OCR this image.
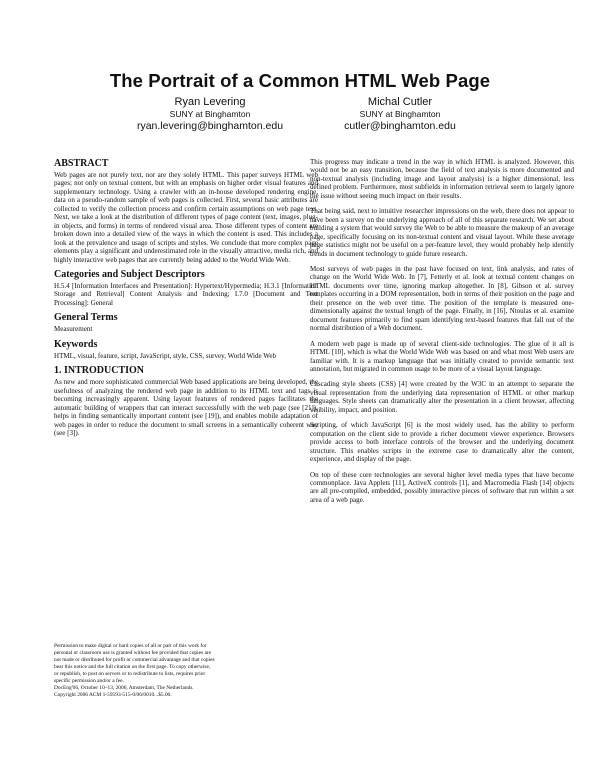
The Portrait of a Common HTML Web Page
Ryan Levering
SUNY at Binghamton
ryan.levering@binghamton.edu
Michal Cutler
SUNY at Binghamton
cutler@binghamton.edu
ABSTRACT

Web pages are not purely text, nor are they solely HTML. This paper surveys HTML web pages; not only on textual content, but with an emphasis on higher order visual features and supplementary technology. Using a crawler with an in-house developed rendering engine, data on a pseudo-random sample of web pages is collected. First, several basic attributes are collected to verify the collection process and confirm certain assumptions on web page text. Next, we take a look at the distribution of different types of page content (text, images, plug-in objects, and forms) in terms of rendered visual area. Those different types of content are broken down into a detailed view of the ways in which the content is used. This includes a look at the prevalence and usage of scripts and styles. We conclude that more complex page elements play a significant and underestimated role in the visually attractive, media rich, and highly interactive web pages that are currently being added to the World Wide Web.

Categories and Subject Descriptors

H.5.4 [Information Interfaces and Presentation]: Hypertext/Hypermedia; H.3.1 [Information Storage and Retrieval] Content Analysis and Indexing; I.7.0 [Document and Text Processing]: General

General Terms

Measurement

Keywords

HTML, visual, feature, script, JavaScript, style, CSS, survey, World Wide Web

1. INTRODUCTION

As new and more sophisticated commercial Web based applications are being developed, the usefulness of analyzing the rendered web page in addition to its HTML text and tags is becoming increasingly apparent. Using layout features of rendered pages facilitates the automatic building of wrappers that can interact successfully with the web page (see [21]), helps in finding semantically important content (see [19]), and enables mobile adaptation of web pages in order to reduce the document to small screens in a semantically coherent way (see [3]).

Permission to make digital or hard copies of all or part of this work for
personal or classroom use is granted without fee provided that copies are
not made or distributed for profit or commercial advantage and that copies
bear this notice and the full citation on the first page. To copy otherwise,
or republish, to post on servers or to redistribute to lists, requires prior
specific permission and/or a fee.
DocEng'06, October 10–13, 2006, Amsterdam, The Netherlands.
Copyright 2006 ACM 1-59593-515-0/06/0010...$5.00.

This progress may indicate a trend in the way in which HTML is analyzed. However, this would not be an easy transition, because the field of text analysis is more documented and non-textual analysis (including image and layout analysis) is a higher dimensional, less defined problem. Furthermore, most subfields in information retrieval seem to largely ignore the issue without seeing much impact on their results.

That being said, next to intuitive researcher impressions on the web, there does not appear to have been a survey on the underlying approach of all of this separate research. We set about building a system that would survey the Web to be able to measure the makeup of an average page, specifically focusing on its non-textual content and visual layout. While these average page statistics might not be useful on a per-feature level, they would probably help identify trends in document technology to guide future research.

Most surveys of web pages in the past have focused on text, link analysis, and rates of change on the World Wide Web. In [7], Fetterly et al. look at textual content changes on HTML documents over time, ignoring markup altogether. In [8], Gibson et al. survey templates occurring in a DOM representation, both in terms of their position on the page and their presence on the web over time. The position of the template is measured one-dimensionally against the textual length of the page. Finally, in [16], Ntoulas et al. examine document features primarily to find spam identifying text-based features that fall out of the normal distribution of a Web document.

A modern web page is made up of several client-side technologies. The glue of it all is HTML [10], which is what the World Wide Web was based on and what most Web users are familiar with. It is a markup language that was initially created to provide semantic text annotation, but migrated in common usage to be more of a visual layout language.

Cascading style sheets (CSS) [4] were created by the W3C in an attempt to separate the visual representation from the underlying data representation of HTML or other markup languages. Style sheets can dramatically alter the presentation in a client browser, affecting visibility, impact, and position.

Scripting, of which JavaScript [6] is the most widely used, has the ability to perform computation on the client side to provide a richer document viewer experience. Browsers provide access to both interface controls of the browser and the underlying document structure. This enables scripts in the extreme case to dramatically alter the content, experience, and display of the page.

On top of these core technologies are several higher level media types that have become commonplace. Java Applets [11], ActiveX controls [1], and Macromedia Flash [14] objects are all pre-compiled, embedded, possibly interactive pieces of software that run within a set area of a web page.
